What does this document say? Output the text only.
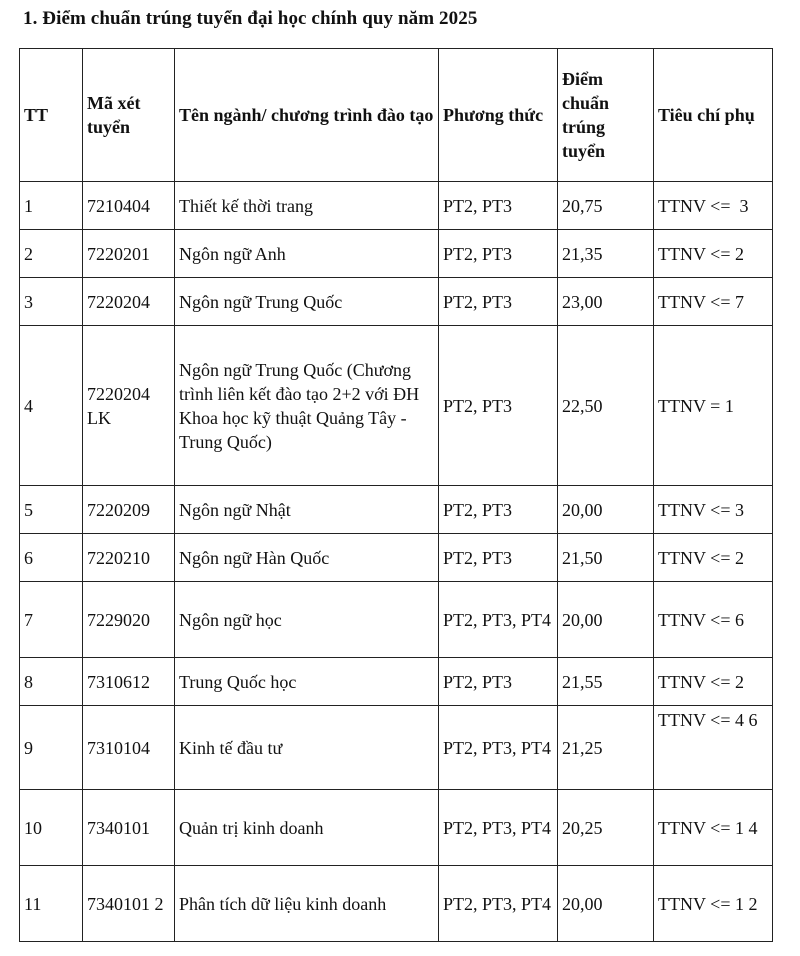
1. Điểm chuẩn trúng tuyển đại học chính quy năm 2025
TT	Mã xét tuyển	Tên ngành/ chương trình đào tạo	Phương thức	Điểm chuẩn trúng tuyển	Tiêu chí phụ
1	7210404	Thiết kế thời trang	PT2, PT3	20,75	TTNV <=  3
2	7220201	Ngôn ngữ Anh	PT2, PT3	21,35	TTNV <= 2
3	7220204	Ngôn ngữ Trung Quốc	PT2, PT3	23,00	TTNV <= 7
4	7220204 LK	Ngôn ngữ Trung Quốc (Chương trình liên kết đào tạo 2+2 với ĐH Khoa học kỹ thuật Quảng Tây - Trung Quốc)	PT2, PT3	22,50	TTNV = 1
5	7220209	Ngôn ngữ Nhật	PT2, PT3	20,00	TTNV <= 3
6	7220210	Ngôn ngữ Hàn Quốc	PT2, PT3	21,50	TTNV <= 2
7	7229020	Ngôn ngữ học	PT2, PT3, PT4	20,00	TTNV <= 6
8	7310612	Trung Quốc học	PT2, PT3	21,55	TTNV <= 2
9	7310104	Kinh tế đầu tư	PT2, PT3, PT4	21,25	TTNV <= 4 6
10	7340101	Quản trị kinh doanh	PT2, PT3, PT4	20,25	TTNV <= 1 4
11	7340101 2	Phân tích dữ liệu kinh doanh	PT2, PT3, PT4	20,00	TTNV <= 1 2
